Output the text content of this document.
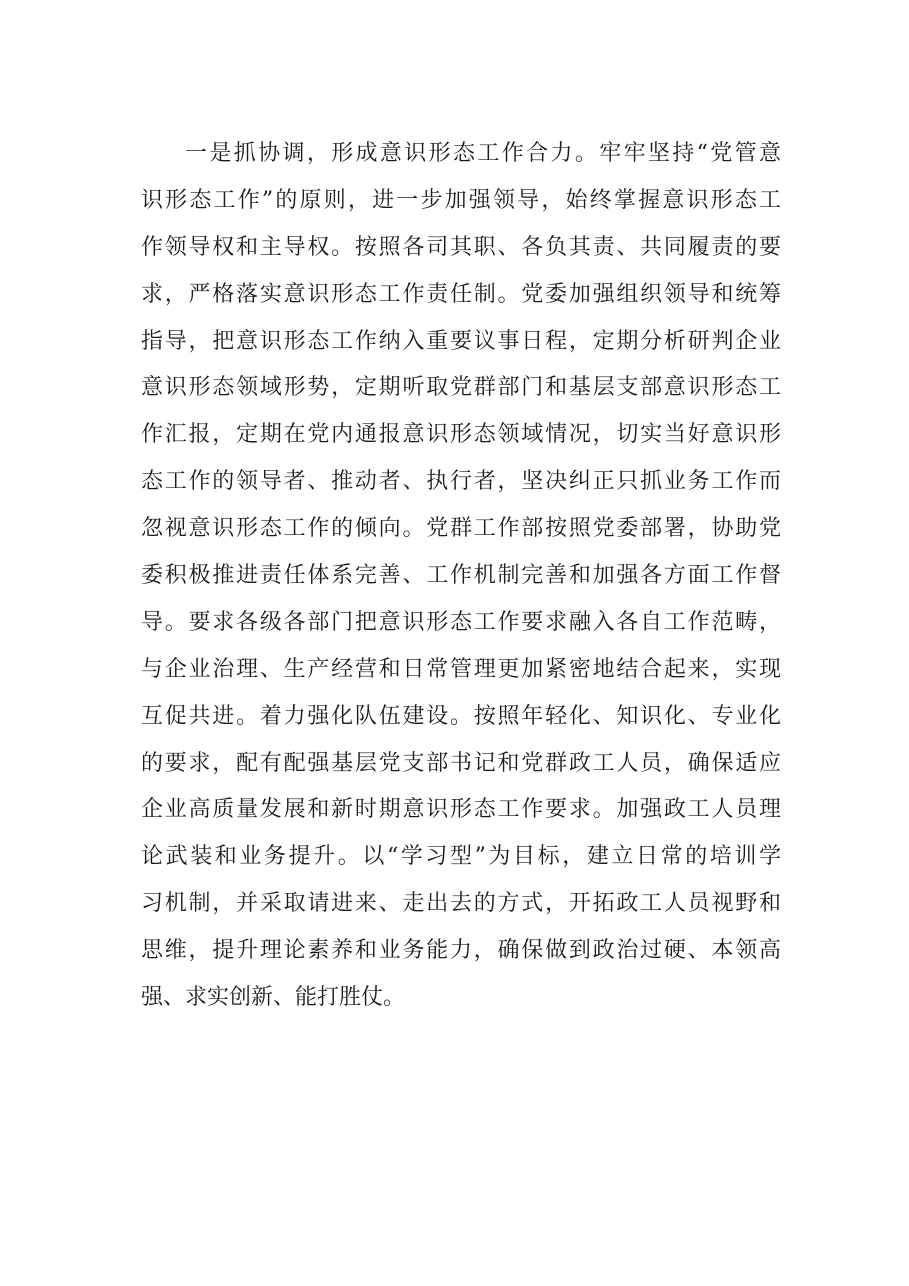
一是抓协调，形成意识形态工作合力。牢牢坚持“党管意
识形态工作”的原则，进一步加强领导，始终掌握意识形态工
作领导权和主导权。按照各司其职、各负其责、共同履责的要
求，严格落实意识形态工作责任制。党委加强组织领导和统筹
指导，把意识形态工作纳入重要议事日程，定期分析研判企业
意识形态领域形势，定期听取党群部门和基层支部意识形态工
作汇报，定期在党内通报意识形态领域情况，切实当好意识形
态工作的领导者、推动者、执行者，坚决纠正只抓业务工作而
忽视意识形态工作的倾向。党群工作部按照党委部署，协助党
委积极推进责任体系完善、工作机制完善和加强各方面工作督
导。要求各级各部门把意识形态工作要求融入各自工作范畴，
与企业治理、生产经营和日常管理更加紧密地结合起来，实现
互促共进。着力强化队伍建设。按照年轻化、知识化、专业化
的要求，配有配强基层党支部书记和党群政工人员，确保适应
企业高质量发展和新时期意识形态工作要求。加强政工人员理
论武装和业务提升。以“学习型”为目标，建立日常的培训学
习机制，并采取请进来、走出去的方式，开拓政工人员视野和
思维，提升理论素养和业务能力，确保做到政治过硬、本领高
强、求实创新、能打胜仗。
